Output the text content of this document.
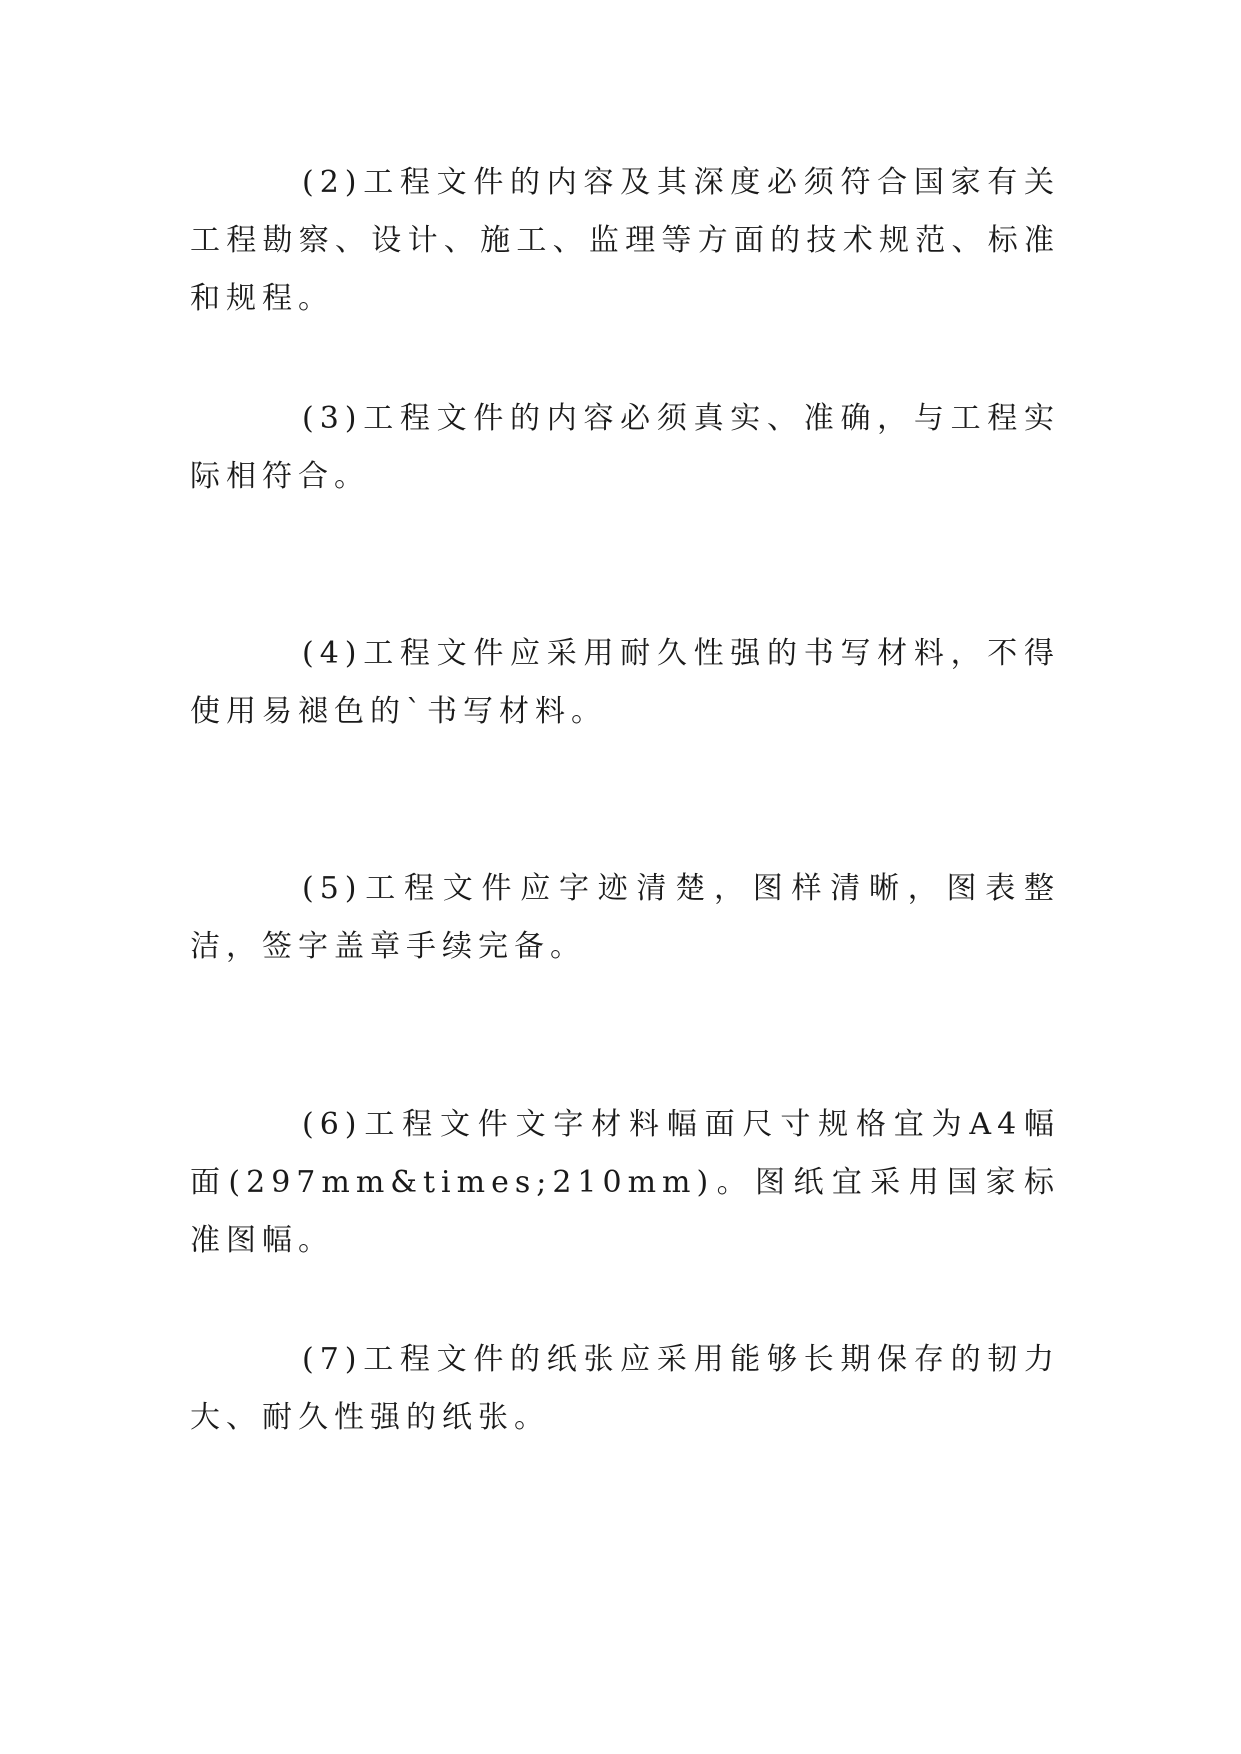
(2)工程文件的内容及其深度必须符合国家有关工程勘察、设计、施工、监理等方面的技术规范、标准和规程。

(3)工程文件的内容必须真实、准确，与工程实际相符合。

(4)工程文件应采用耐久性强的书写材料，不得使用易褪色的`书写材料。

(5)工程文件应字迹清楚，图样清晰，图表整洁，签字盖章手续完备。

(6)工程文件文字材料幅面尺寸规格宜为A4幅面(297mm&times;210mm)。图纸宜采用国家标准图幅。

(7)工程文件的纸张应采用能够长期保存的韧力大、耐久性强的纸张。
